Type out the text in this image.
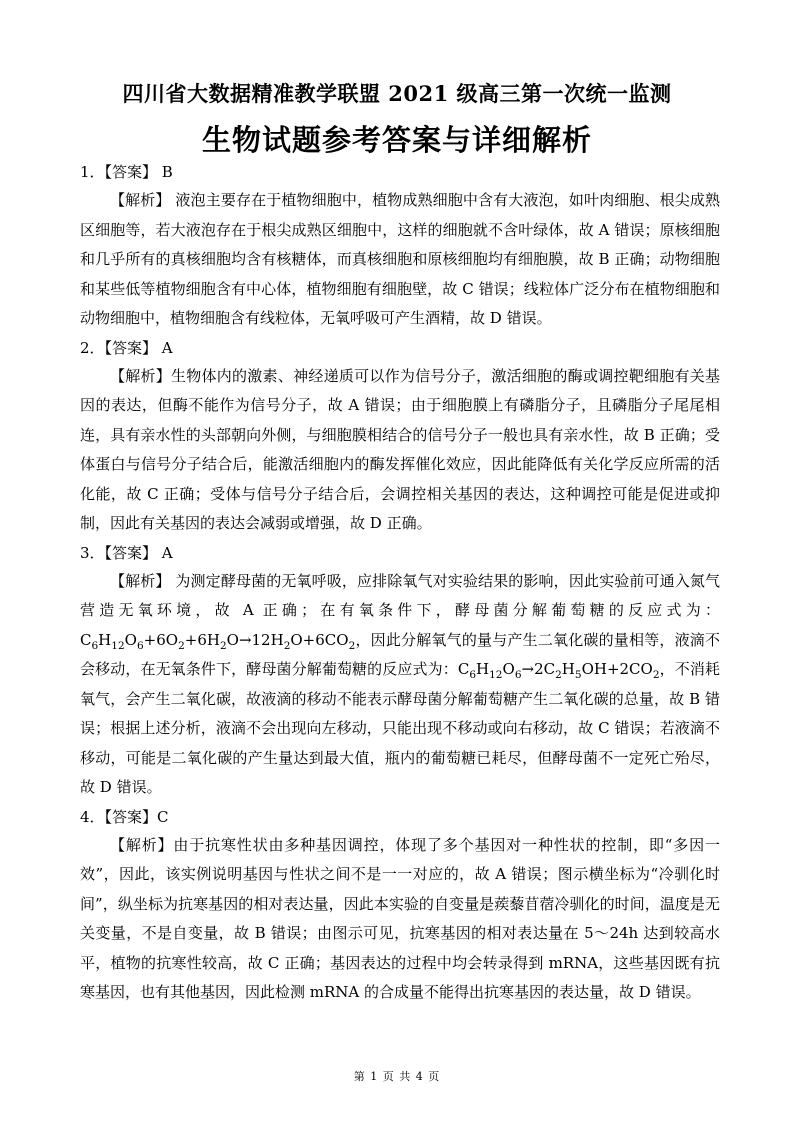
四川省大数据精准教学联盟 2021 级高三第一次统一监测
生物试题参考答案与详细解析

1．【答案】 B

【解析】 液泡主要存在于植物细胞中，植物成熟细胞中含有大液泡，如叶肉细胞、根尖成熟区细胞等，若大液泡存在于根尖成熟区细胞中，这样的细胞就不含叶绿体，故 A 错误；原核细胞和几乎所有的真核细胞均含有核糖体，而真核细胞和原核细胞均有细胞膜，故 B 正确；动物细胞和某些低等植物细胞含有中心体，植物细胞有细胞壁，故 C 错误；线粒体广泛分布在植物细胞和动物细胞中，植物细胞含有线粒体，无氧呼吸可产生酒精，故 D 错误。

2．【答案】 A

【解析】生物体内的激素、神经递质可以作为信号分子，激活细胞的酶或调控靶细胞有关基因的表达，但酶不能作为信号分子，故 A 错误；由于细胞膜上有磷脂分子，且磷脂分子尾尾相连，具有亲水性的头部朝向外侧，与细胞膜相结合的信号分子一般也具有亲水性，故 B 正确；受体蛋白与信号分子结合后，能激活细胞内的酶发挥催化效应，因此能降低有关化学反应所需的活化能，故 C 正确；受体与信号分子结合后，会调控相关基因的表达，这种调控可能是促进或抑制，因此有关基因的表达会减弱或增强，故 D 正确。

3．【答案】 A

【解析】 为测定酵母菌的无氧呼吸，应排除氧气对实验结果的影响，因此实验前可通入氮气营造无氧环境，故 A 正确；在有氧条件下，酵母菌分解葡萄糖的反应式为：$C_6H_{12}O_6+6O_2+6H_2O\to 12H_2O+6CO_2$，因此分解氧气的量与产生二氧化碳的量相等，液滴不会移动，在无氧条件下，酵母菌分解葡萄糖的反应式为：$C_6H_{12}O_6\to 2C_2H_5OH+2CO_2$，不消耗氧气，会产生二氧化碳，故液滴的移动不能表示酵母菌分解葡萄糖产生二氧化碳的总量，故 B 错误；根据上述分析，液滴不会出现向左移动，只能出现不移动或向右移动，故 C 错误；若液滴不移动，可能是二氧化碳的产生量达到最大值，瓶内的葡萄糖已耗尽，但酵母菌不一定死亡殆尽，故 D 错误。

4．【答案】C

【解析】由于抗寒性状由多种基因调控，体现了多个基因对一种性状的控制，即“多因一效”，因此，该实例说明基因与性状之间不是一一对应的，故 A 错误；图示横坐标为“冷驯化时间”，纵坐标为抗寒基因的相对表达量，因此本实验的自变量是蒺藜苜蓿冷驯化的时间，温度是无关变量，不是自变量，故 B 错误；由图示可见，抗寒基因的相对表达量在 5～24h 达到较高水平，植物的抗寒性较高，故 C 正确；基因表达的过程中均会转录得到 mRNA，这些基因既有抗寒基因，也有其他基因，因此检测 mRNA 的合成量不能得出抗寒基因的表达量，故 D 错误。

第 1 页 共 4 页
